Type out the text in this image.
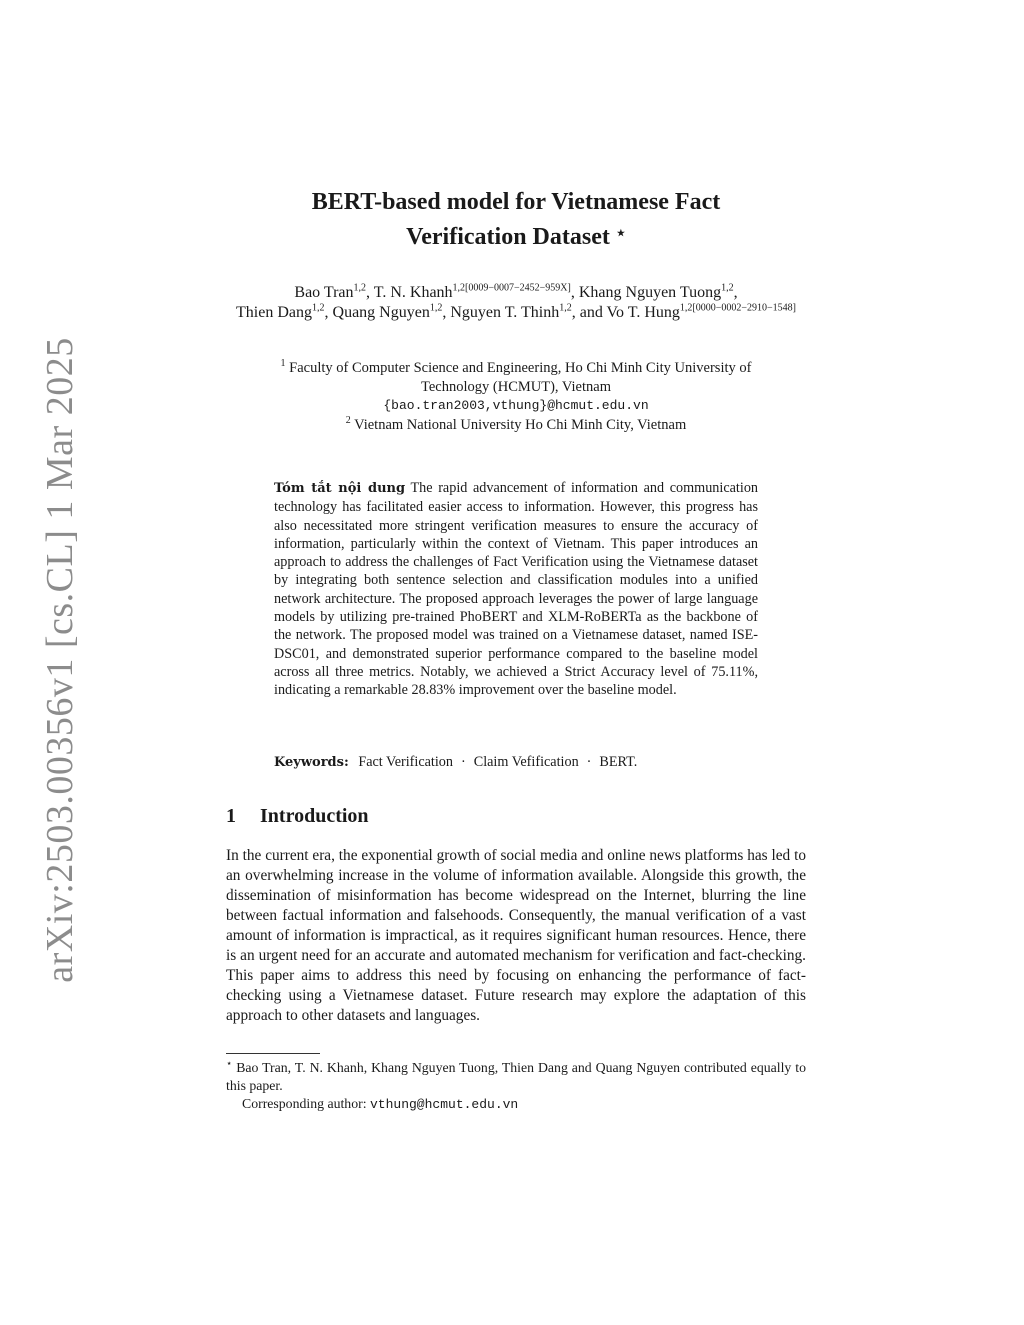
arXiv:2503.00356v1 [cs.CL] 1 Mar 2025
BERT-based model for Vietnamese Fact
Verification Dataset ⋆
Bao Tran$^{1,2}$, T. N. Khanh$^{1,2[0009-0007-2452-959X]}$, Khang Nguyen Tuong$^{1,2}$,
Thien Dang$^{1,2}$, Quang Nguyen$^{1,2}$, Nguyen T. Thinh$^{1,2}$, and Vo T. Hung$^{1,2[0000-0002-2910-1548]}$
$^1$ Faculty of Computer Science and Engineering, Ho Chi Minh City University of
Technology (HCMUT), Vietnam
{bao.tran2003,vthung}@hcmut.edu.vn
$^2$ Vietnam National University Ho Chi Minh City, Vietnam

Tóm tắt nội dung The rapid advancement of information and communication technology has facilitated easier access to information. However, this progress has also necessitated more stringent verification measures to ensure the accuracy of information, particularly within the context of Vietnam. This paper introduces an approach to address the challenges of Fact Verification using the Vietnamese dataset by integrating both sentence selection and classification modules into a unified network architecture. The proposed approach leverages the power of large language models by utilizing pre-trained PhoBERT and XLM-RoBERTa as the backbone of the network. The proposed model was trained on a Vietnamese dataset, named ISE-DSC01, and demonstrated superior performance compared to the baseline model across all three metrics. Notably, we achieved a Strict Accuracy level of 75.11%, indicating a remarkable 28.83% improvement over the baseline model.

Keywords: Fact Verification · Claim Vefification · BERT.

1 Introduction

In the current era, the exponential growth of social media and online news platforms has led to an overwhelming increase in the volume of information available. Alongside this growth, the dissemination of misinformation has become widespread on the Internet, blurring the line between factual information and falsehoods. Consequently, the manual verification of a vast amount of information is impractical, as it requires significant human resources. Hence, there is an urgent need for an accurate and automated mechanism for verification and fact-checking. This paper aims to address this need by focusing on enhancing the performance of fact-checking using a Vietnamese dataset. Future research may explore the adaptation of this approach to other datasets and languages.

⋆ Bao Tran, T. N. Khanh, Khang Nguyen Tuong, Thien Dang and Quang Nguyen contributed equally to this paper.
Corresponding author: vthung@hcmut.edu.vn
